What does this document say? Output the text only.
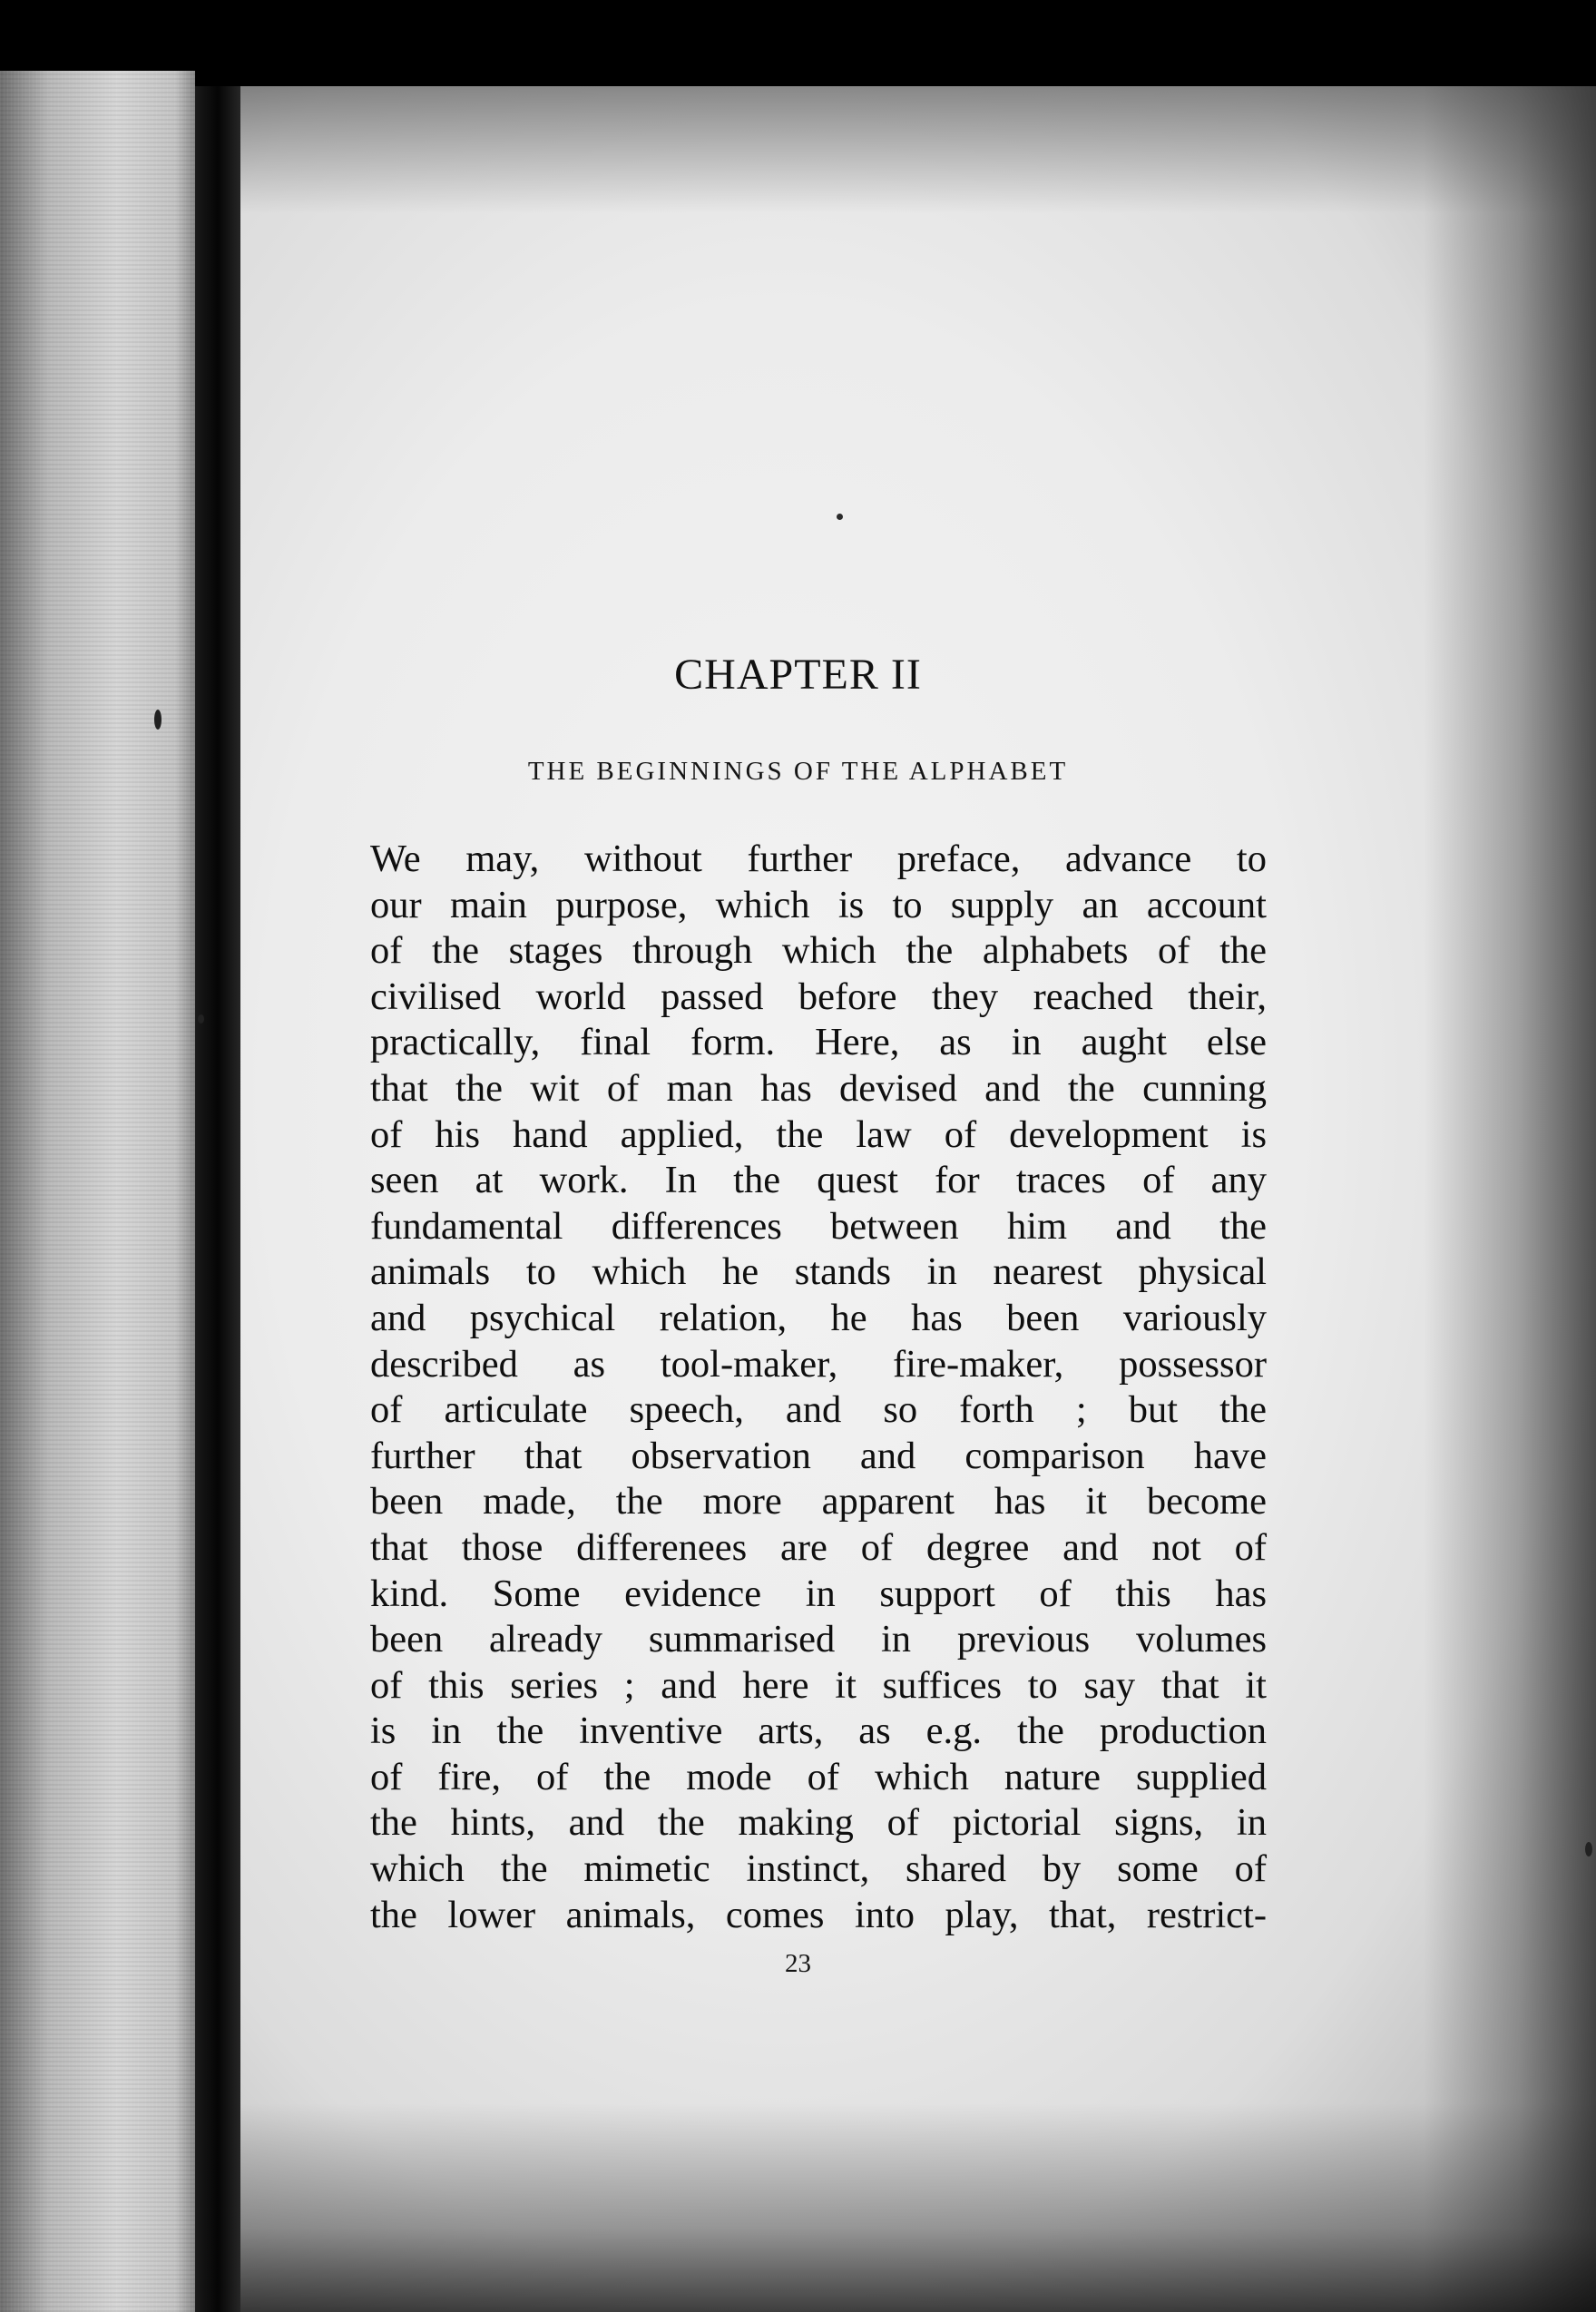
CHAPTER II
THE BEGINNINGS OF THE ALPHABET
We may, without further preface, advance to
our main purpose, which is to supply an account
of the stages through which the alphabets of the
civilised world passed before they reached their,
practically, final form. Here, as in aught else
that the wit of man has devised and the cunning
of his hand applied, the law of development is
seen at work. In the quest for traces of any
fundamental differences between him and the
animals to which he stands in nearest physical
and psychical relation, he has been variously
described as tool-maker, fire-maker, possessor
of articulate speech, and so forth ; but the
further that observation and comparison have
been made, the more apparent has it become
that those differenees are of degree and not of
kind. Some evidence in support of this has
been already summarised in previous volumes
of this series ; and here it suffices to say that it
is in the inventive arts, as e.g. the production
of fire, of the mode of which nature supplied
the hints, and the making of pictorial signs, in
which the mimetic instinct, shared by some of
the lower animals, comes into play, that, restrict-
23
